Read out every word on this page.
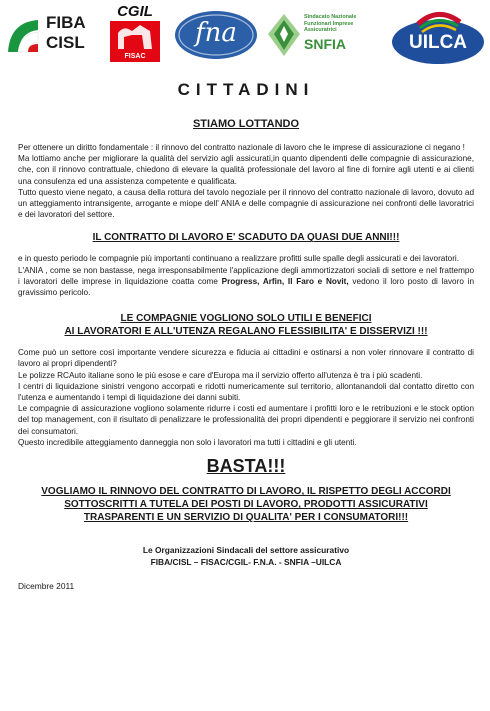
FIBA
CISL
CGIL
FISAC
fna
Sindacato Nazionale Funzionari Imprese Assicuratrici
SNFIA	UILCA
CITTADINI
STIAMO LOTTANDO

Per ottenere un diritto fondamentale : il rinnovo del contratto nazionale di lavoro che le imprese di assicurazione ci negano !

Ma lottiamo anche per migliorare la qualità del servizio agli assicurati,in quanto dipendenti delle compagnie di assicurazione, che, con il rinnovo contrattuale, chiedono di elevare la qualità professionale del lavoro al fine di fornire agli utenti e ai clienti una consulenza ed una assistenza competente e qualificata.

Tutto questo viene negato, a causa della rottura del tavolo negoziale per il rinnovo del contratto nazionale di lavoro, dovuto ad un atteggiamento intransigente, arrogante e miope dell' ANIA e delle compagnie di assicurazione nei confronti delle lavoratrici e dei lavoratori del settore.

IL CONTRATTO DI LAVORO E' SCADUTO DA QUASI DUE ANNI!!!

e in questo periodo le compagnie più importanti continuano a realizzare profitti sulle spalle degli assicurati e dei lavoratori.

L'ANIA , come se non bastasse, nega irresponsabilmente l'applicazione degli ammortizzatori sociali di settore e nel frattempo i lavoratori delle imprese in liquidazione coatta come Progress, Arfin, Il Faro e Novit, vedono il loro posto di lavoro in gravissimo pericolo.

LE COMPAGNIE VOGLIONO SOLO UTILI E BENEFICI
AI LAVORATORI E ALL'UTENZA REGALANO FLESSIBILITA' E DISSERVIZI !!!

Come può un settore così importante vendere sicurezza e fiducia ai cittadini e ostinarsi a non voler rinnovare il contratto di lavoro ai propri dipendenti?

Le polizze RCAuto italiane sono le più esose e care d'Europa ma il servizio offerto all'utenza è tra i più scadenti.

I centri di liquidazione sinistri vengono accorpati e ridotti numericamente sul territorio, allontanandoli dal contatto diretto con l'utenza e aumentando i tempi di liquidazione dei danni subiti.

Le compagnie di assicurazione vogliono solamente ridurre i costi ed aumentare i profitti loro e le retribuzioni e le stock option del top management, con il risultato di penalizzare le professionalità dei propri dipendenti e peggiorare il servizio nei confronti dei consumatori.

Questo incredibile atteggiamento danneggia non solo i lavoratori ma tutti i cittadini e gli utenti.

BASTA!!!
VOGLIAMO IL RINNOVO DEL CONTRATTO DI LAVORO, IL RISPETTO DEGLI ACCORDI
SOTTOSCRITTI A TUTELA DEI POSTI DI LAVORO, PRODOTTI ASSICURATIVI
TRASPARENTI E UN SERVIZIO DI QUALITA' PER I CONSUMATORI!!!
Le Organizzazioni Sindacali del settore assicurativo
FIBA/CISL – FISAC/CGIL- F.N.A. - SNFIA –UILCA
Dicembre 2011
